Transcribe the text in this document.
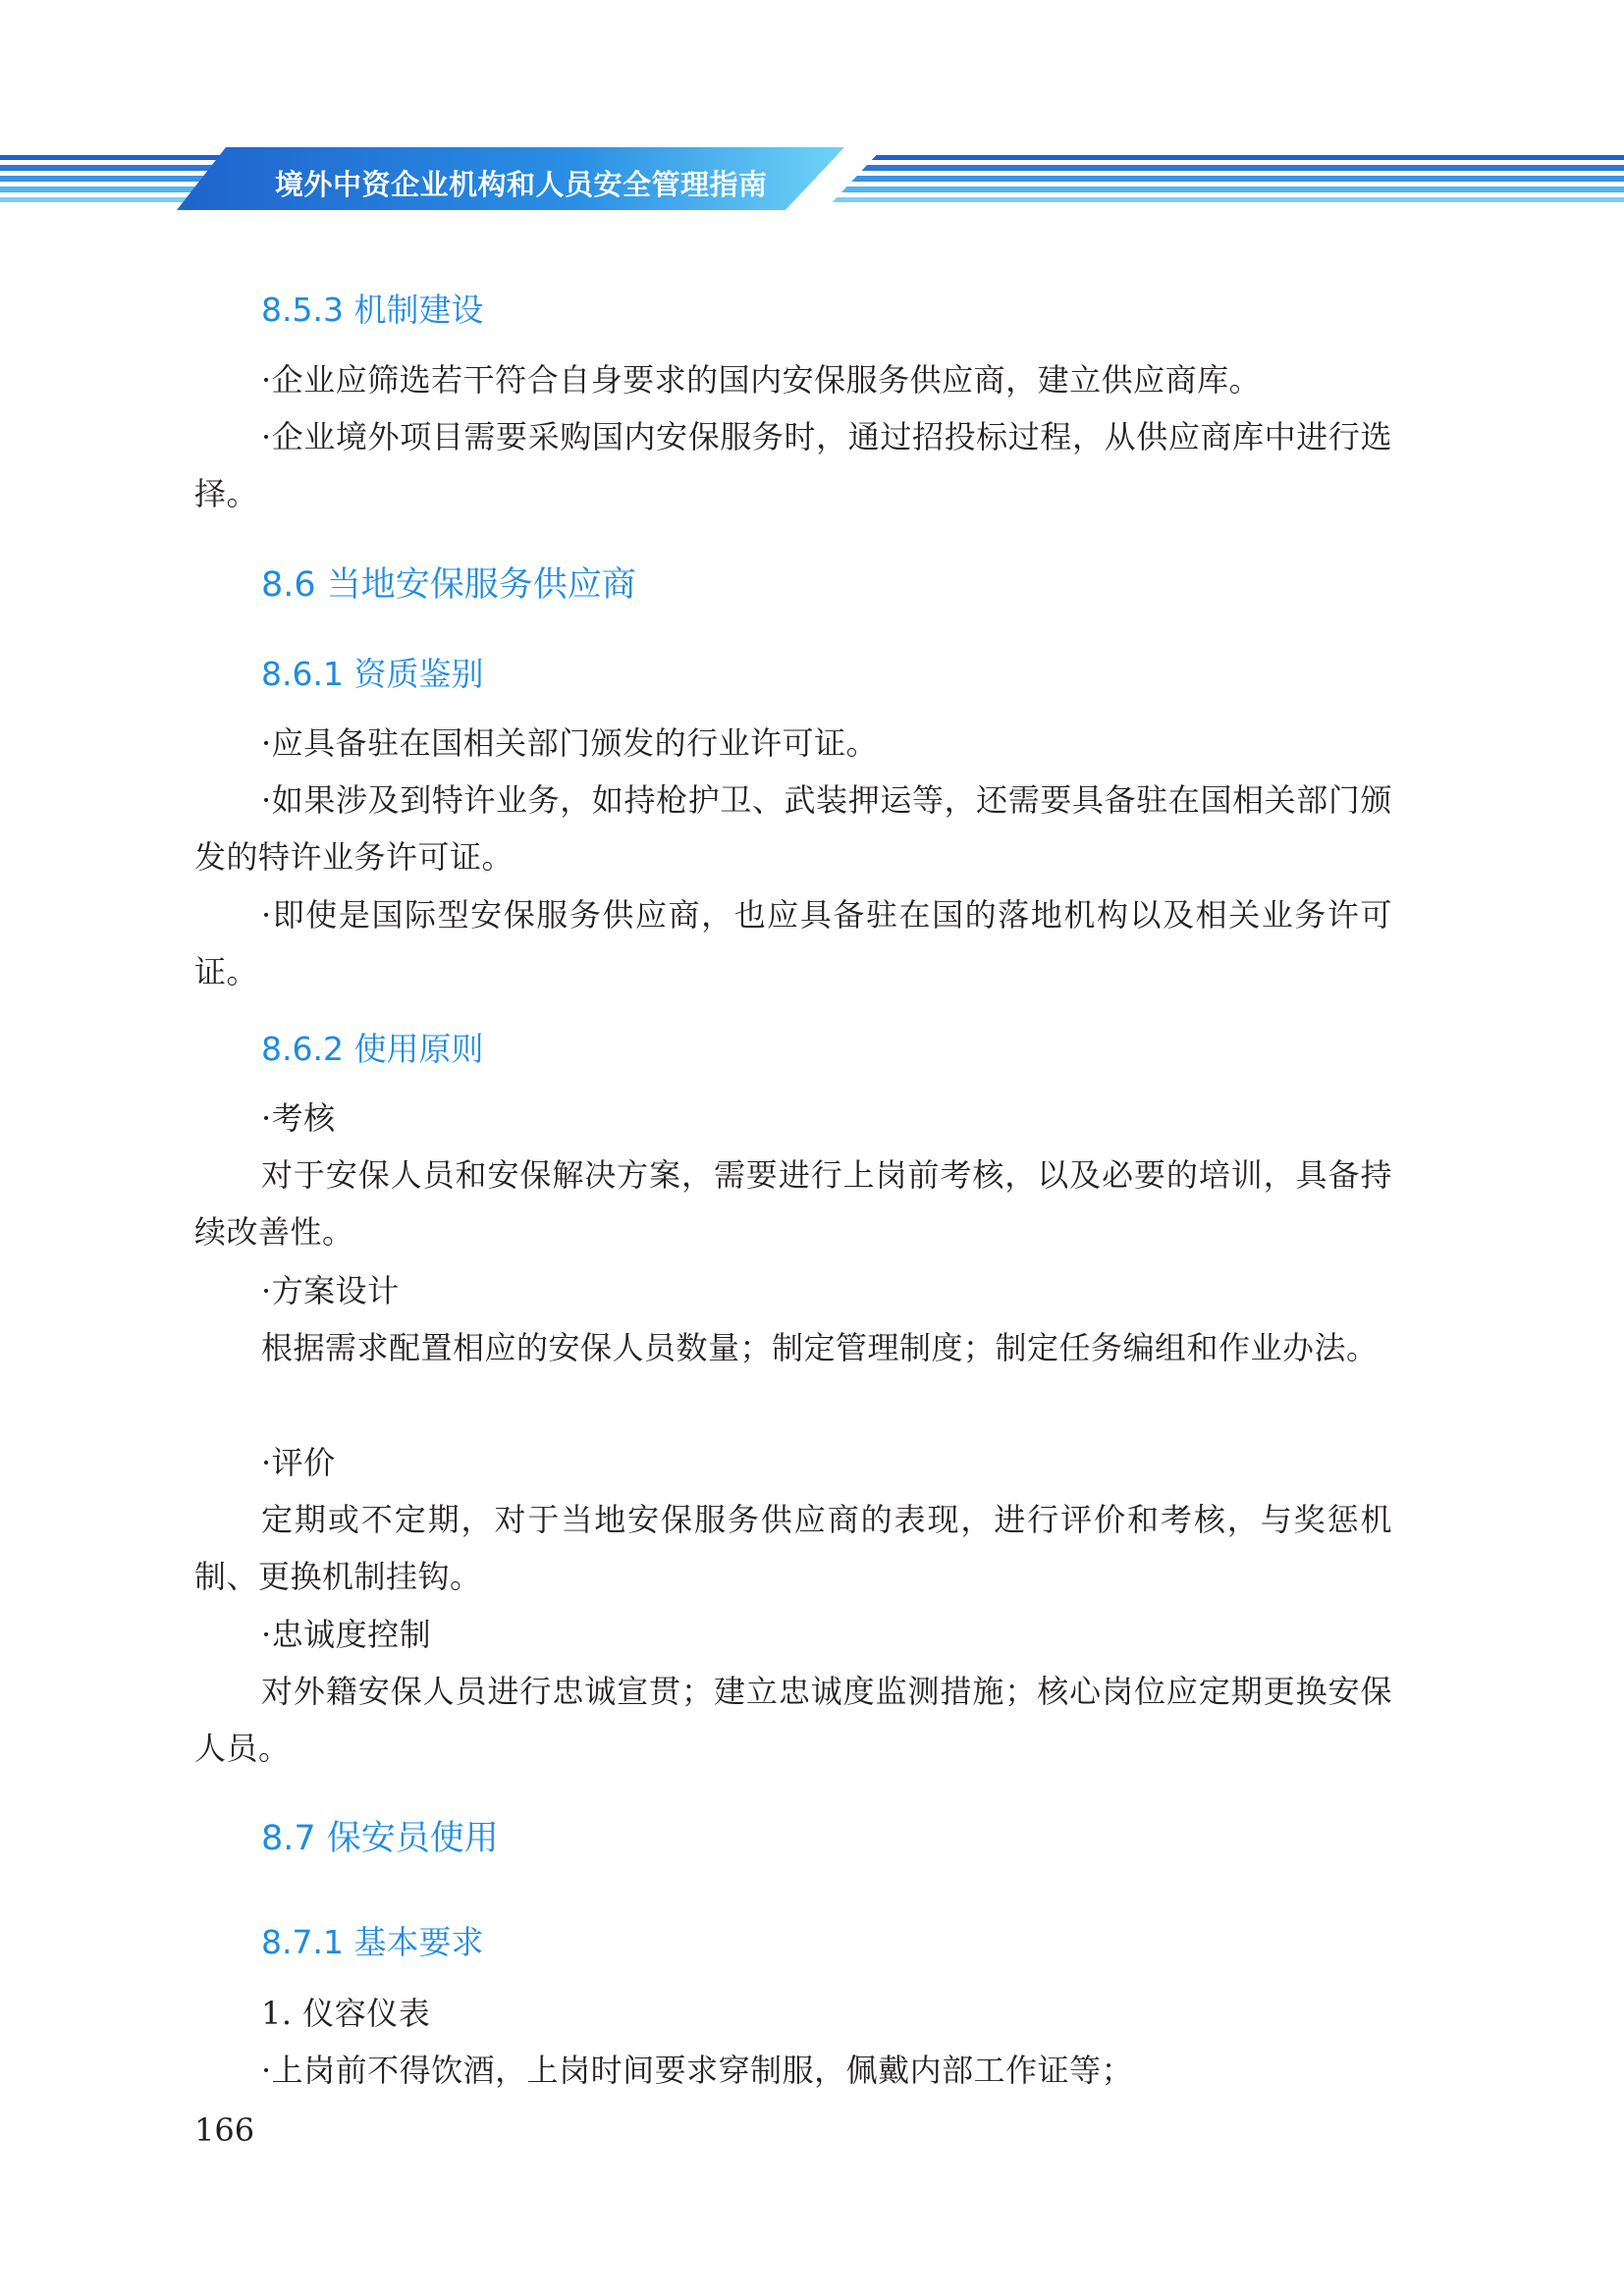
境外中资企业机构和人员安全管理指南
8.5.3 机制建设
·企业应筛选若干符合自身要求的国内安保服务供应商，建立供应商库。
·企业境外项目需要采购国内安保服务时，通过招投标过程，从供应商库中进行选择。
8.6 当地安保服务供应商
8.6.1 资质鉴别
·应具备驻在国相关部门颁发的行业许可证。
·如果涉及到特许业务，如持枪护卫、武装押运等，还需要具备驻在国相关部门颁发的特许业务许可证。
·即使是国际型安保服务供应商，也应具备驻在国的落地机构以及相关业务许可证。
8.6.2 使用原则
·考核
对于安保人员和安保解决方案，需要进行上岗前考核，以及必要的培训，具备持续改善性。
·方案设计
根据需求配置相应的安保人员数量；制定管理制度；制定任务编组和作业办法。
·评价
定期或不定期，对于当地安保服务供应商的表现，进行评价和考核，与奖惩机制、更换机制挂钩。
·忠诚度控制
对外籍安保人员进行忠诚宣贯；建立忠诚度监测措施；核心岗位应定期更换安保人员。
8.7 保安员使用
8.7.1 基本要求
1. 仪容仪表
·上岗前不得饮酒，上岗时间要求穿制服，佩戴内部工作证等；
166
